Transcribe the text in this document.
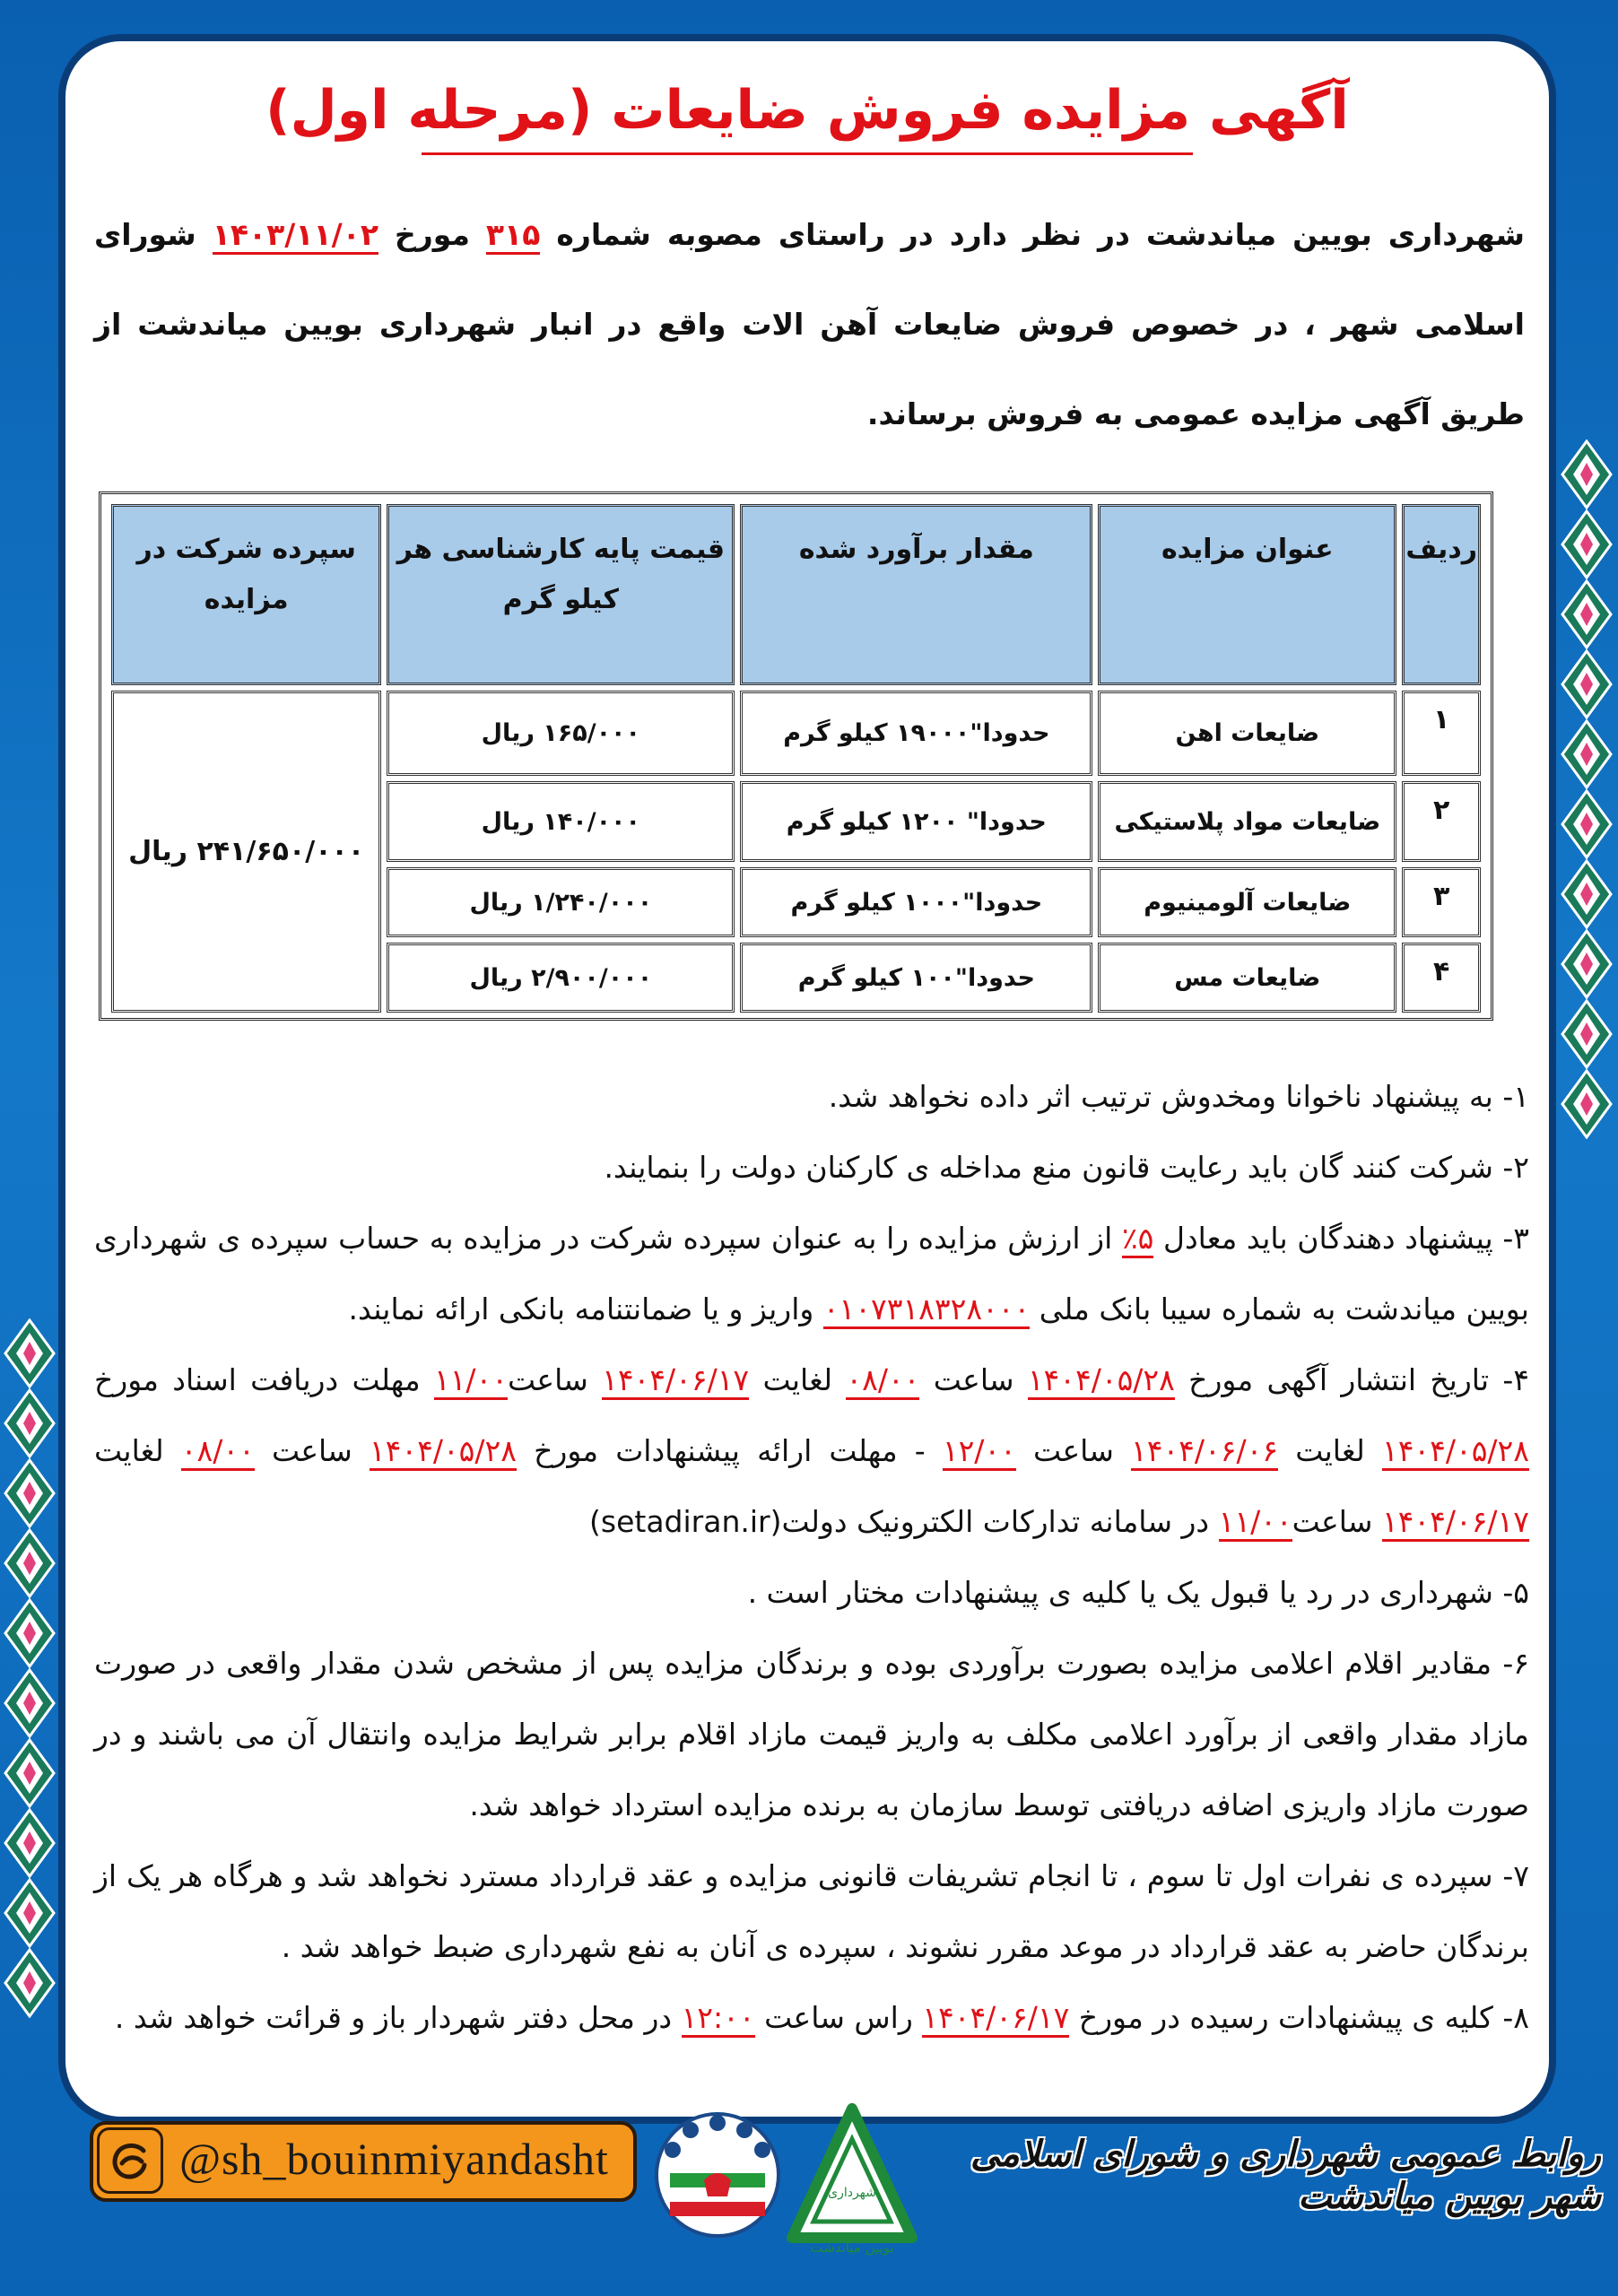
آگهی مزایده فروش ضایعات (مرحله اول)
شهرداری بویین میاندشت در نظر دارد در راستای مصوبه شماره ۳۱۵ مورخ ۱۴۰۳/۱۱/۰۲ شورای اسلامی شهر ، در خصوص فروش ضایعات آهن الات واقع در انبار شهرداری بویین میاندشت از طریق آگهی مزایده عمومی به فروش برساند.
ردیف	عنوان مزایده	مقدار برآورد شده	قیمت پایه کارشناسی هر کیلو گرم	سپرده شرکت در مزایده
۱	ضایعات اهن	حدودا"۱۹۰۰۰ کیلو گرم	۱۶۵/۰۰۰ ریال	۲۴۱/۶۵۰/۰۰۰ ریال
۲	ضایعات مواد پلاستیکی	حدودا" ۱۲۰۰ کیلو گرم	۱۴۰/۰۰۰ ریال	
۳	ضایعات آلومینیوم	حدودا"۱۰۰۰ کیلو گرم	۱/۲۴۰/۰۰۰ ریال	
۴	ضایعات مس	حدودا"۱۰۰ کیلو گرم	۲/۹۰۰/۰۰۰ ریال	
۱- به پیشنهاد ناخوانا ومخدوش ترتیب اثر داده نخواهد شد.
۲- شرکت کنند گان باید رعایت قانون منع مداخله ی کارکنان دولت را بنمایند.
۳- پیشنهاد دهندگان باید معادل ۵٪ از ارزش مزایده را به عنوان سپرده شرکت در مزایده به حساب سپرده ی شهرداری بویین میاندشت به شماره سیبا بانک ملی ۰۱۰۷۳۱۸۳۲۸۰۰۰ واریز و یا ضمانتنامه بانکی ارائه نمایند.
۴- تاریخ انتشار آگهی مورخ ۱۴۰۴/۰۵/۲۸ ساعت ۰۸/۰۰ لغایت ۱۴۰۴/۰۶/۱۷ ساعت۱۱/۰۰ مهلت دریافت اسناد مورخ ۱۴۰۴/۰۵/۲۸ لغایت ۱۴۰۴/۰۶/۰۶ ساعت ۱۲/۰۰ - مهلت ارائه پیشنهادات مورخ ۱۴۰۴/۰۵/۲۸ ساعت ۰۸/۰۰ لغایت ۱۴۰۴/۰۶/۱۷ ساعت۱۱/۰۰ در سامانه تدارکات الکترونیک دولت(setadiran.ir)
۵- شهرداری در رد یا قبول یک یا کلیه ی پیشنهادات مختار است .
۶- مقادیر اقلام اعلامی مزایده بصورت برآوردی بوده و برندگان مزایده پس از مشخص شدن مقدار واقعی در صورت مازاد مقدار واقعی از برآورد اعلامی مکلف به واریز قیمت مازاد اقلام برابر شرایط مزایده وانتقال آن می باشند و در صورت مازاد واریزی اضافه دریافتی توسط سازمان به برنده مزایده استرداد خواهد شد.
۷- سپرده ی نفرات اول تا سوم ، تا انجام تشریفات قانونی مزایده و عقد قرارداد مسترد نخواهد شد و هرگاه هر یک از برندگان حاضر به عقد قرارداد در موعد مقرر نشوند ، سپرده ی آنان به نفع شهرداری ضبط خواهد شد .
۸- کلیه ی پیشنهادات رسیده در مورخ ۱۴۰۴/۰۶/۱۷ راس ساعت ۱۲:۰۰ در محل دفتر شهردار باز و قرائت خواهد شد .
@sh_bouinmiyandasht
شهرداری
بویین میاندشت
روابط عمومی شهرداری و شورای اسلامی شهر بویین میاندشت
